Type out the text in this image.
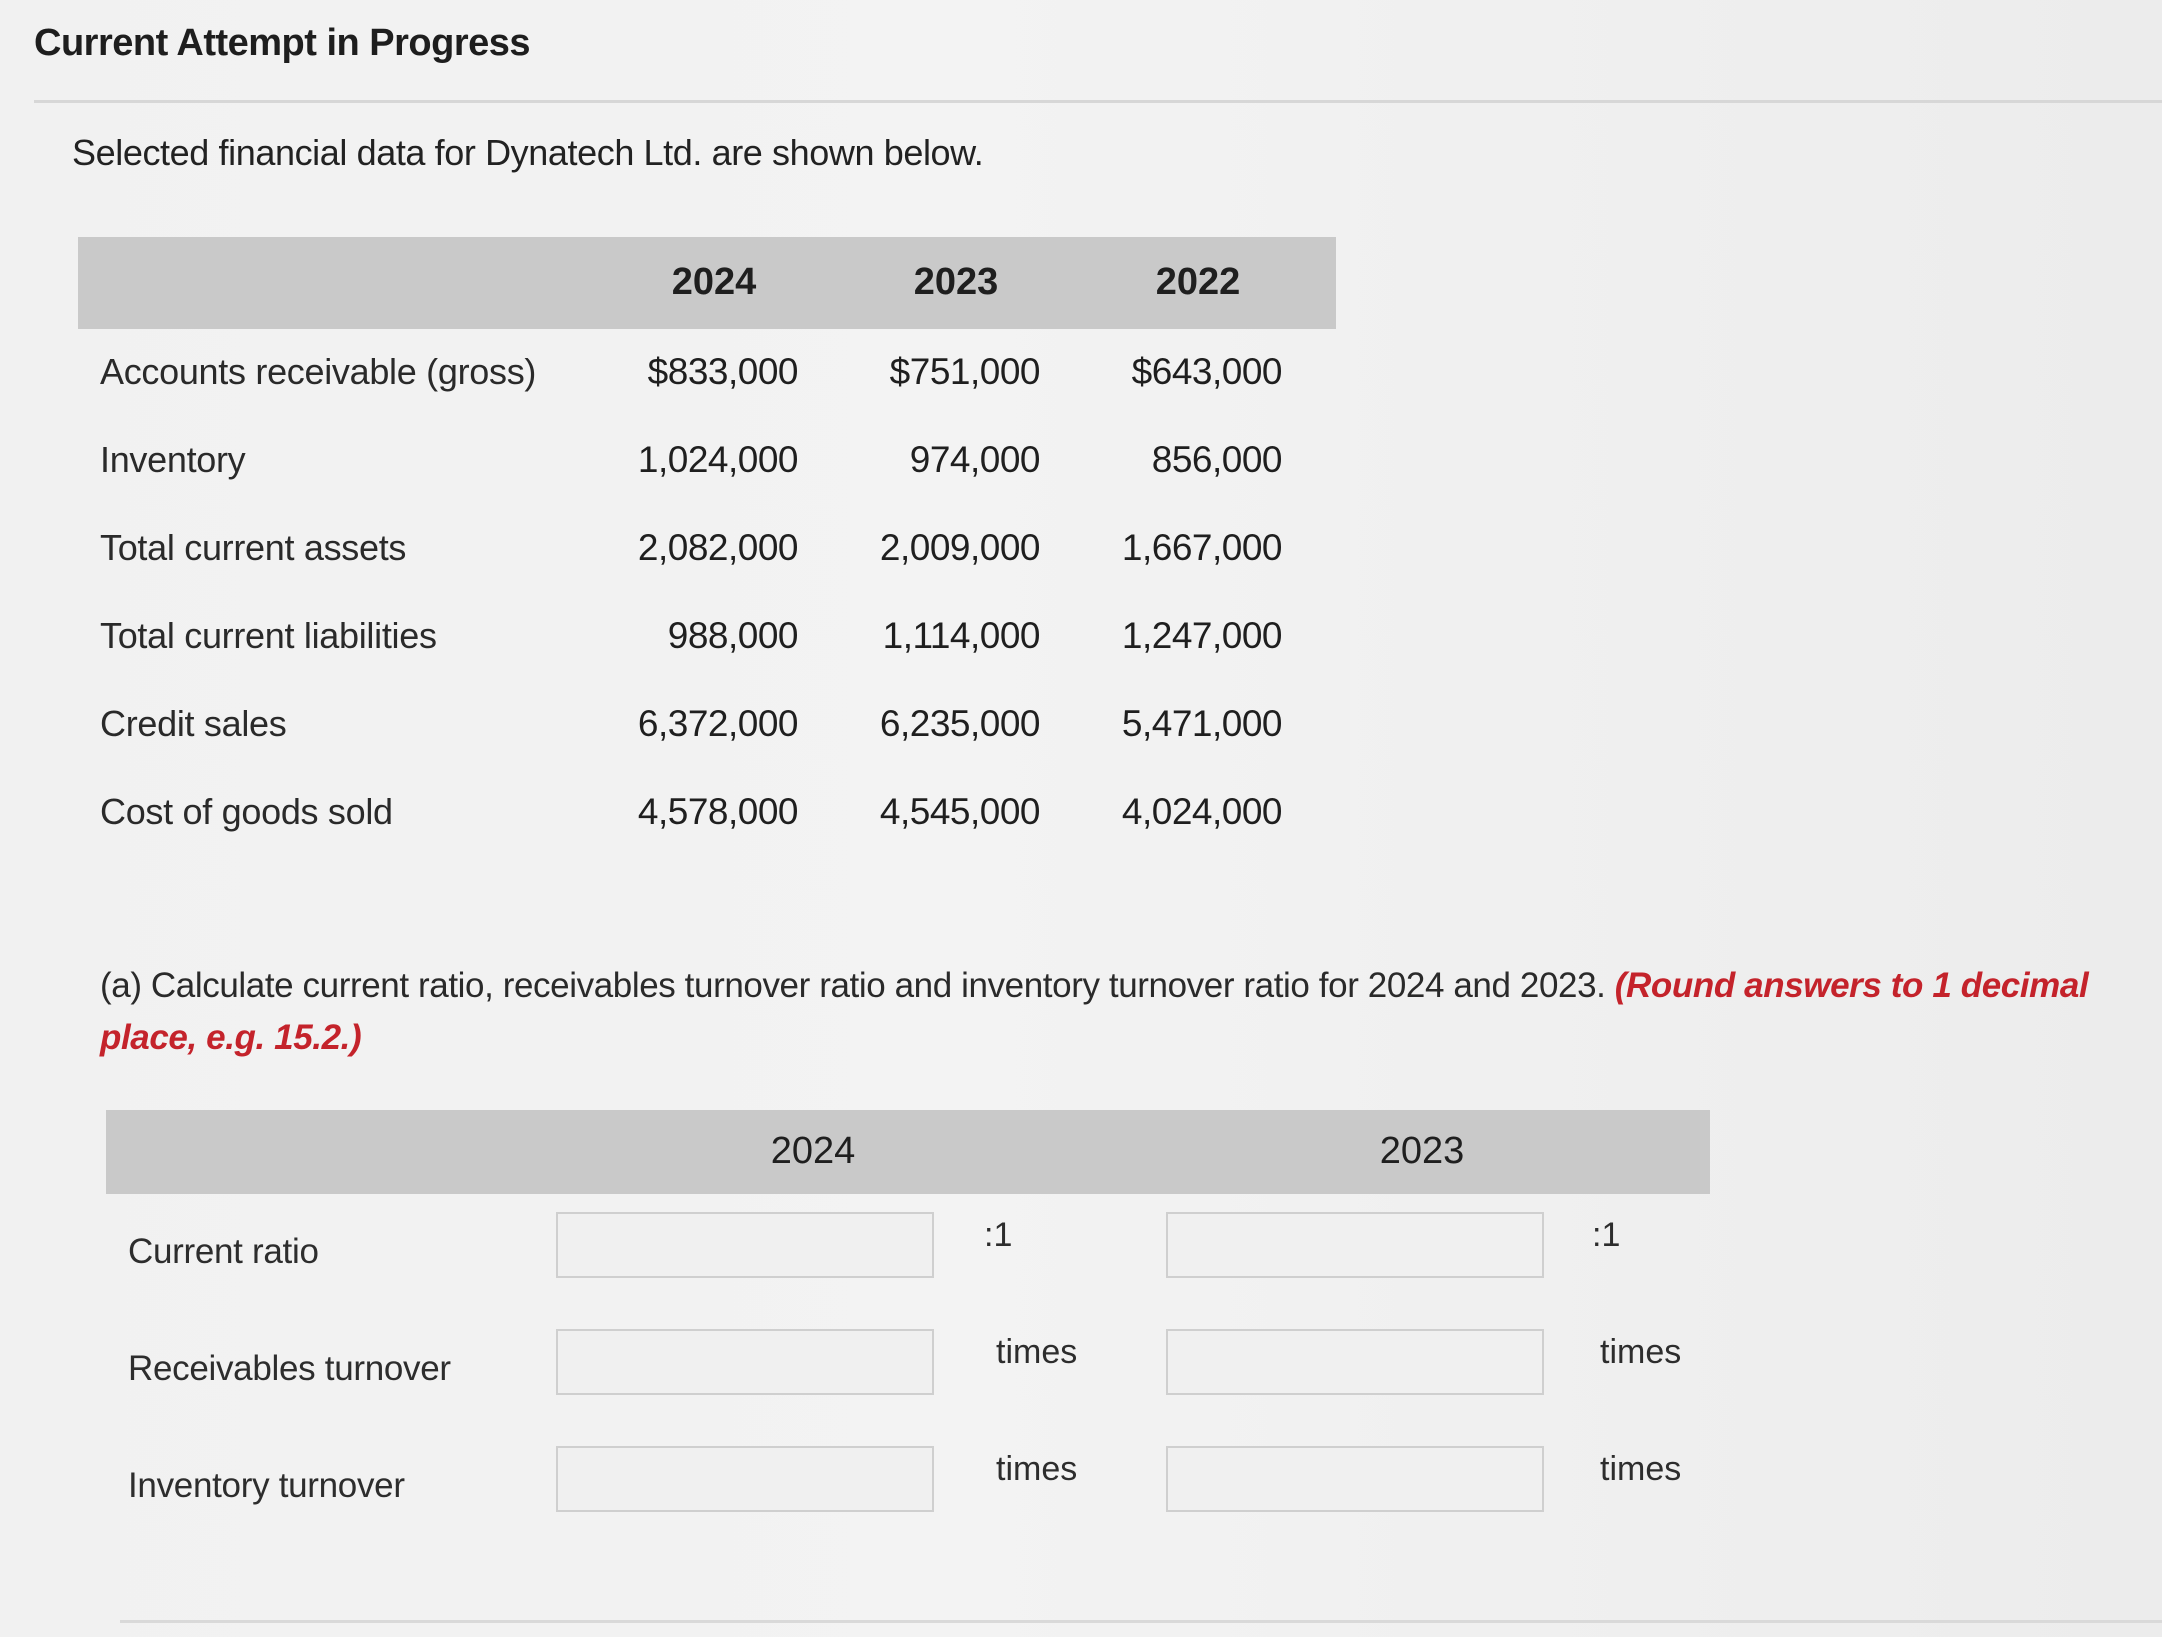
Current Attempt in Progress
Selected financial data for Dynatech Ltd. are shown below.
2024	2023	2022
Accounts receivable (gross)	$833,000	$751,000	$643,000
Inventory	1,024,000	974,000	856,000
Total current assets	2,082,000	2,009,000	1,667,000
Total current liabilities	988,000	1,114,000	1,247,000
Credit sales	6,372,000	6,235,000	5,471,000
Cost of goods sold	4,578,000	4,545,000	4,024,000
(a) Calculate current ratio, receivables turnover ratio and inventory turnover ratio for 2024 and 2023. (Round answers to 1 decimal place, e.g. 15.2.)
2024	2023
Current ratio	:1	:1
Receivables turnover	times	times
Inventory turnover	times	times
